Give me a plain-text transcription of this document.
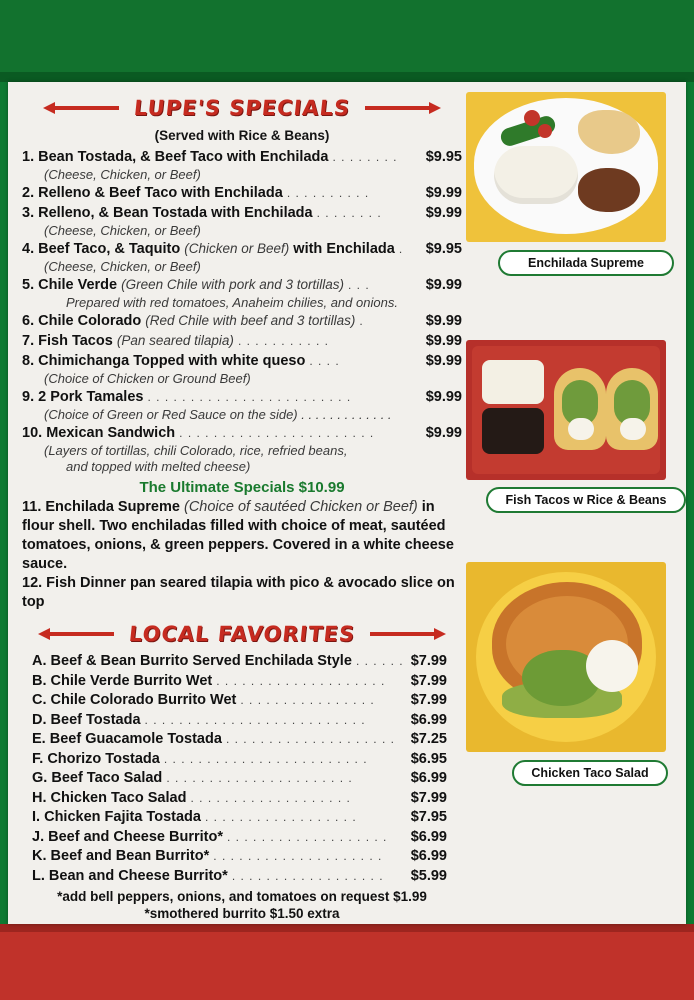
LUPE'S SPECIALS
(Served with Rice & Beans)
1. Bean Tostada, & Beef Taco with Enchilada . . . . . . . . $9.95
(Cheese, Chicken, or Beef)
2. Relleno & Beef Taco with Enchilada . . . . . . . . . .	$9.99
3. Relleno, & Bean Tostada with Enchilada . . . . . . . .	$9.99
(Cheese, Chicken, or Beef)
4. Beef Taco, & Taquito (Chicken or Beef) with Enchilada . $9.95
(Cheese, Chicken, or Beef)
5. Chile Verde (Green Chile with pork and 3 tortillas) . . .	$9.99
Prepared with red tomatoes, Anaheim chilies, and onions.
6. Chile Colorado (Red Chile with beef and 3 tortillas) .	$9.99
7. Fish Tacos (Pan seared tilapia) . . . . . . . . . . .	$9.99
8. Chimichanga Topped with white queso . . . .	$9.99
(Choice of Chicken or Ground Beef)
9. 2 Pork Tamales . . . . . . . . . . . . . . . . . . . . . . . .	$9.99
(Choice of Green or Red Sauce on the side) . . . . . . . . . . . . .
10. Mexican Sandwich . . . . . . . . . . . . . . . . . . . . . . .	$9.99
(Layers of tortillas, chili Colorado, rice, refried beans,
and topped with melted cheese)
The Ultimate Specials $10.99
11. Enchilada Supreme (Choice of sautéed Chicken or Beef) in flour shell. Two enchiladas filled with choice of meat, sautéed tomatoes, onions, & green peppers. Covered in a white cheese sauce.
12. Fish Dinner pan seared tilapia with pico & avocado slice on top
LOCAL FAVORITES
A. Beef & Bean Burrito Served Enchilada Style . . . . . . $7.99
B. Chile Verde Burrito Wet . . . . . . . . . . . . . . . . . . . . $7.99
C. Chile Colorado Burrito Wet . . . . . . . . . . . . . . . . $7.99
D. Beef Tostada . . . . . . . . . . . . . . . . . . . . . . . . . .	$6.99
E. Beef Guacamole Tostada . . . . . . . . . . . . . . . . . . . . $7.25
F. Chorizo Tostada . . . . . . . . . . . . . . . . . . . . . . . .	$6.95
G. Beef Taco Salad . . . . . . . . . . . . . . . . . . . . . .	$6.99
H. Chicken Taco Salad . . . . . . . . . . . . . . . . . . .	$7.99
I. Chicken Fajita Tostada . . . . . . . . . . . . . . . . . .	$7.95
J. Beef and Cheese Burrito* . . . . . . . . . . . . . . . . . . . $6.99
K. Beef and Bean Burrito* . . . . . . . . . . . . . . . . . . . . $6.99
L. Bean and Cheese Burrito* . . . . . . . . . . . . . . . . . . $5.99
*add bell peppers, onions, and tomatoes on request $1.99
*smothered burrito $1.50 extra
Enchilada Supreme
Fish Tacos w Rice & Beans
Chicken Taco Salad
